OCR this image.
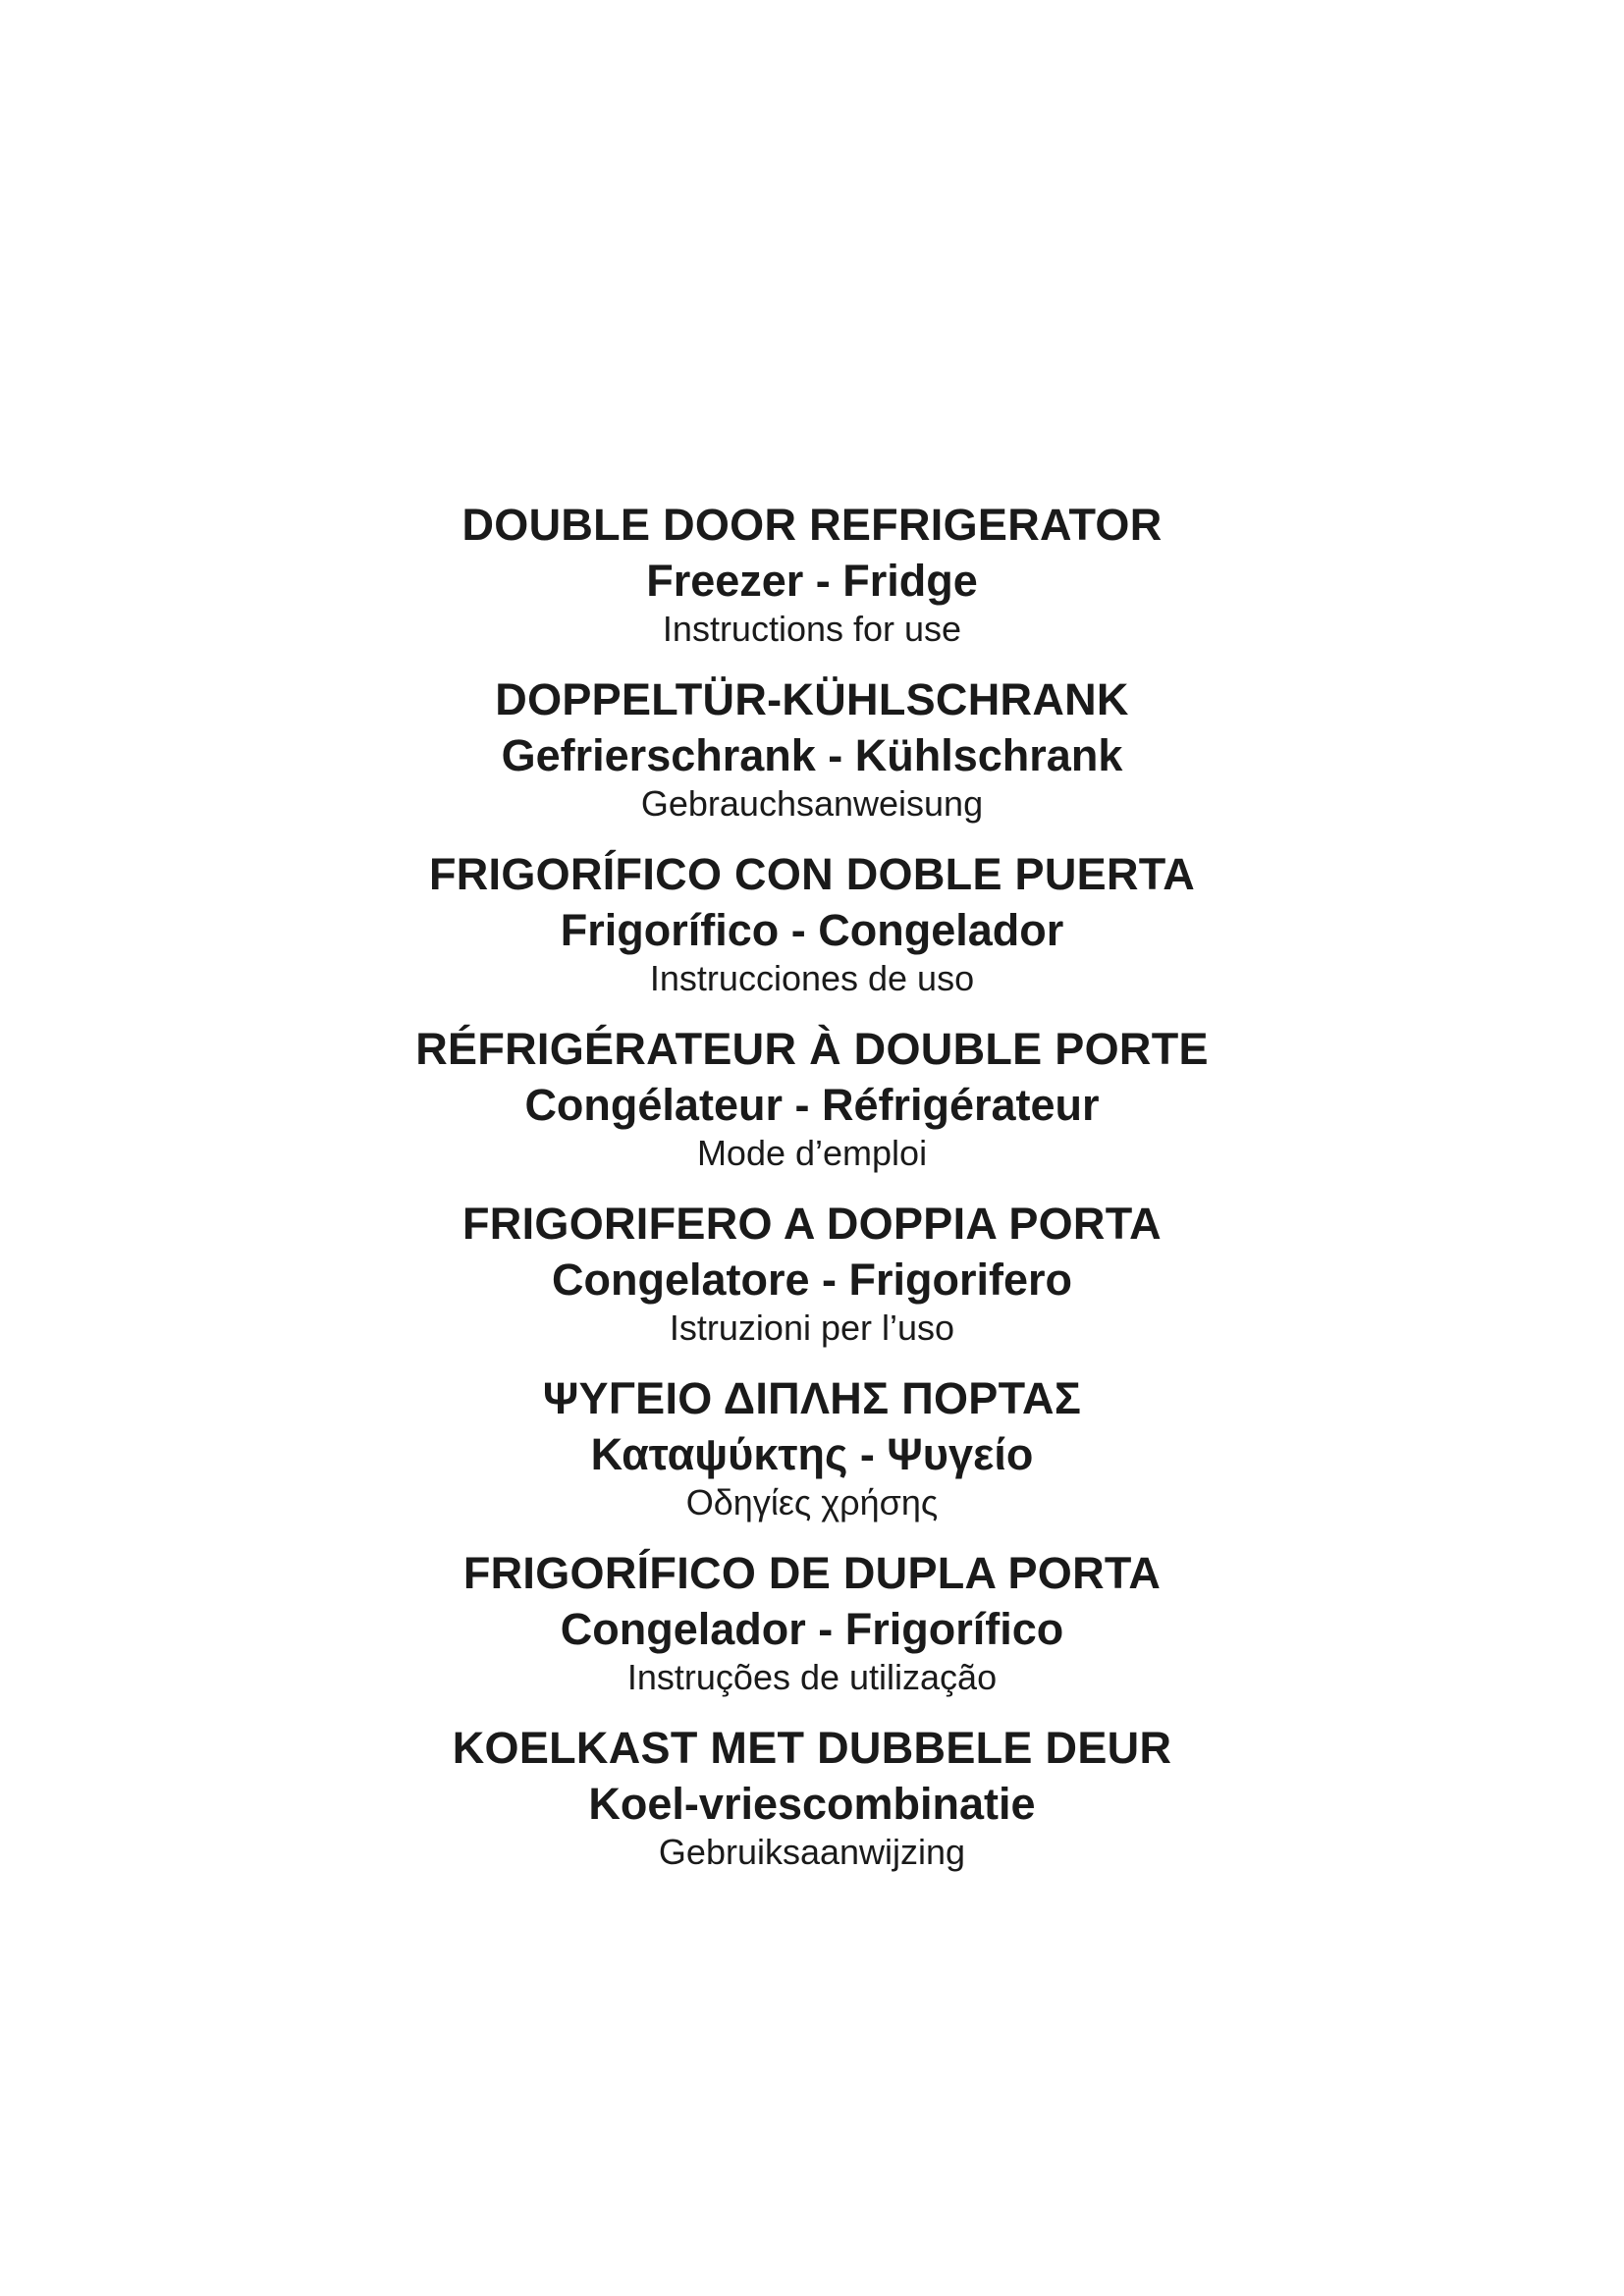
DOUBLE DOOR REFRIGERATOR
Freezer - Fridge
Instructions for use
DOPPELTÜR-KÜHLSCHRANK
Gefrierschrank - Kühlschrank
Gebrauchsanweisung
FRIGORÍFICO CON DOBLE PUERTA
Frigorífico - Congelador
Instrucciones de uso
RÉFRIGÉRATEUR À DOUBLE PORTE
Congélateur - Réfrigérateur
Mode d’emploi
FRIGORIFERO A DOPPIA PORTA
Congelatore - Frigorifero
Istruzioni per l’uso
ΨΥΓΕΙΟ ΔΙΠΛΗΣ ΠΟΡΤΑΣ
Καταψύκτης - Ψυγείο
Οδηγίες χρήσης
FRIGORÍFICO DE DUPLA PORTA
Congelador - Frigorífico
Instruções de utilização
KOELKAST MET DUBBELE DEUR
Koel-vriescombinatie
Gebruiksaanwijzing
